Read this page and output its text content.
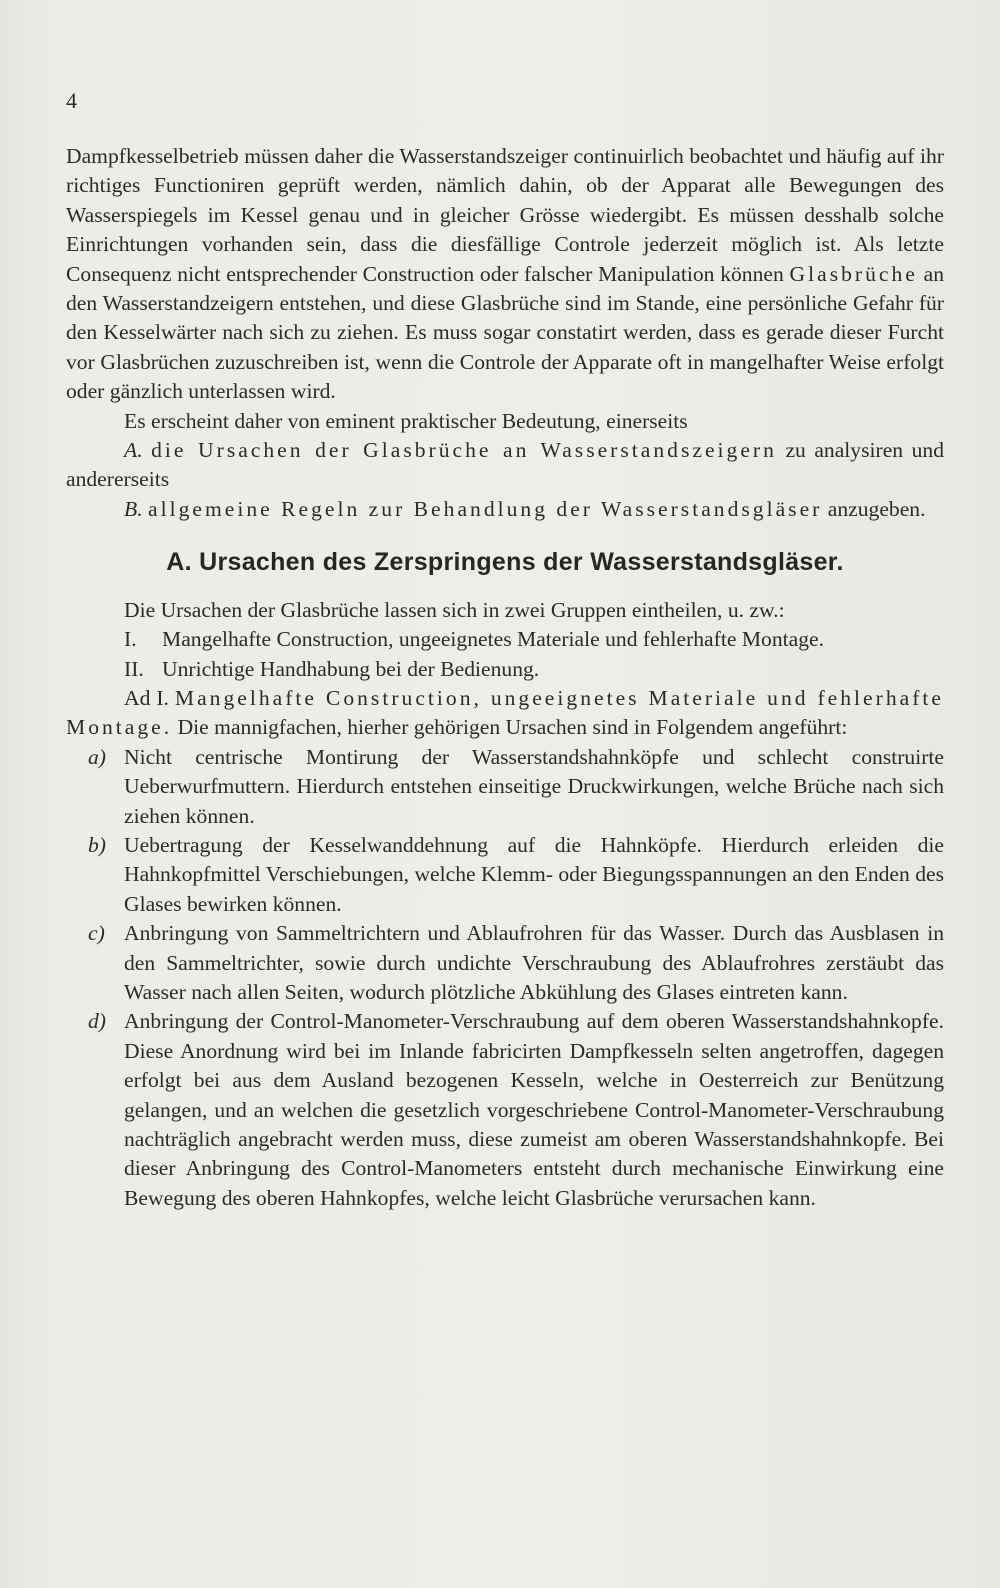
4

Dampfkesselbetrieb müssen daher die Wasserstandszeiger continuirlich beobachtet und häufig auf ihr richtiges Functioniren geprüft werden, nämlich dahin, ob der Apparat alle Bewegungen des Wasserspiegels im Kessel genau und in gleicher Grösse wiedergibt. Es müssen desshalb solche Einrichtungen vorhanden sein, dass die diesfällige Controle jederzeit möglich ist. Als letzte Consequenz nicht entsprechender Construction oder falscher Manipulation können Glasbrüche an den Wasserstandzeigern entstehen, und diese Glasbrüche sind im Stande, eine persönliche Gefahr für den Kesselwärter nach sich zu ziehen. Es muss sogar constatirt werden, dass es gerade dieser Furcht vor Glasbrüchen zuzuschreiben ist, wenn die Controle der Apparate oft in mangelhafter Weise erfolgt oder gänzlich unterlassen wird.

Es erscheint daher von eminent praktischer Bedeutung, einerseits

A. die Ursachen der Glasbrüche an Wasserstandszeigern zu analysiren und andererseits

B. allgemeine Regeln zur Behandlung der Wasserstandsgläser anzugeben.

A. Ursachen des Zerspringens der Wasserstandsgläser.

Die Ursachen der Glasbrüche lassen sich in zwei Gruppen eintheilen, u. zw.:

I. Mangelhafte Construction, ungeeignetes Materiale und fehlerhafte Montage.

II. Unrichtige Handhabung bei der Bedienung.

Ad I. Mangelhafte Construction, ungeeignetes Materiale und fehlerhafte Montage. Die mannigfachen, hierher gehörigen Ursachen sind in Folgendem angeführt:

a) Nicht centrische Montirung der Wasserstandshahnköpfe und schlecht construirte Ueberwurfmuttern. Hierdurch entstehen einseitige Druckwirkungen, welche Brüche nach sich ziehen können.

b) Uebertragung der Kesselwanddehnung auf die Hahnköpfe. Hierdurch erleiden die Hahnkopfmittel Verschiebungen, welche Klemm- oder Biegungsspannungen an den Enden des Glases bewirken können.

c) Anbringung von Sammeltrichtern und Ablaufrohren für das Wasser. Durch das Ausblasen in den Sammeltrichter, sowie durch undichte Verschraubung des Ablaufrohres zerstäubt das Wasser nach allen Seiten, wodurch plötzliche Abkühlung des Glases eintreten kann.

d) Anbringung der Control-Manometer-Verschraubung auf dem oberen Wasserstandshahnkopfe. Diese Anordnung wird bei im Inlande fabricirten Dampfkesseln selten angetroffen, dagegen erfolgt bei aus dem Ausland bezogenen Kesseln, welche in Oesterreich zur Benützung gelangen, und an welchen die gesetzlich vorgeschriebene Control-Manometer-Verschraubung nachträglich angebracht werden muss, diese zumeist am oberen Wasserstandshahnkopfe. Bei dieser Anbringung des Control-Manometers entsteht durch mechanische Einwirkung eine Bewegung des oberen Hahnkopfes, welche leicht Glasbrüche verursachen kann.
